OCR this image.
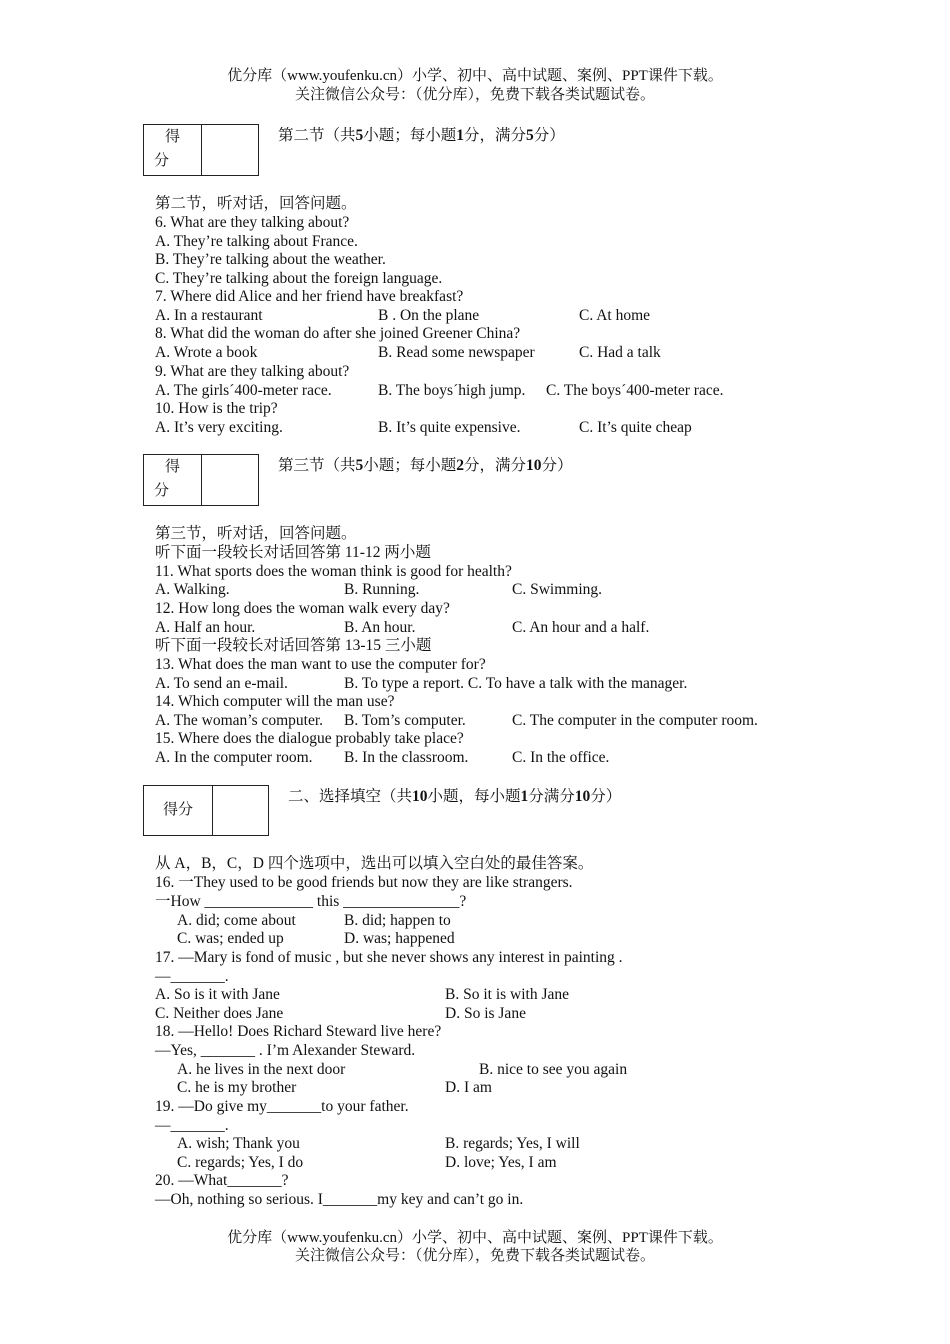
优分库（www.youfenku.cn）小学、初中、高中试题、案例、PPT课件下载。
关注微信公众号：（优分库），免费下载各类试题试卷。
得
分
第二节（共5小题；每小题1分，满分5分）
第二节，听对话，回答问题。
6. What are they talking about?
A. They’re talking about France.
B. They’re talking about the weather.
C. They’re talking about the foreign language.
7. Where did Alice and her friend have breakfast?
A. In a restaurant	B . On the plane	C. At home
8. What did the woman do after she joined Greener China?
A. Wrote a book	B. Read some newspaper	C. Had a talk
9. What are they talking about?
A. The girls´400-meter race.	B. The boys´high jump. C. The boys´400-meter race.
10. How is the trip?
A. It’s very exciting.	B. It’s quite expensive.	C. It’s quite cheap
得
分
第三节（共5小题；每小题2分，满分10分）
第三节，听对话，回答问题。
听下面一段较长对话回答第 11-12 两小题
11. What sports does the woman think is good for health?
A. Walking.	B. Running.	C. Swimming.
12. How long does the woman walk every day?
A. Half an hour.	B. An hour.	C. An hour and a half.
听下面一段较长对话回答第 13-15 三小题
13. What does the man want to use the computer for?
A. To send an e-mail.	B. To type a report. C. To have a talk with the manager.
14. Which computer will the man use?
A. The woman’s computer. B. Tom’s computer.	C. The computer in the computer room.
15. Where does the dialogue probably take place?
A. In the computer room. B. In the classroom.	C. In the office.
得分
二、选择填空（共10小题，每小题1分满分10分）
从 A，B，C，D 四个选项中，选出可以填入空白处的最佳答案。
16. 一They used to be good friends but now they are like strangers.
一How ______________ this _______________?
A. did; come about	B. did; happen to
C. was; ended up	D. was; happened
17. —Mary is fond of music , but she never shows any interest in painting .
—_______.
A. So is it with Jane	B. So it is with Jane
C. Neither does Jane	D. So is Jane
18. —Hello! Does Richard Steward live here?
—Yes, _______ . I’m Alexander Steward.
A. he lives in the next door	B. nice to see you again
C. he is my brother	D. I am
19. —Do give my_______to your father.
—_______.
A. wish; Thank you	B. regards; Yes, I will
C. regards; Yes, I do	D. love; Yes, I am
20. —What_______?
—Oh, nothing so serious. I_______my key and can’t go in.
优分库（www.youfenku.cn）小学、初中、高中试题、案例、PPT课件下载。
关注微信公众号：（优分库），免费下载各类试题试卷。
